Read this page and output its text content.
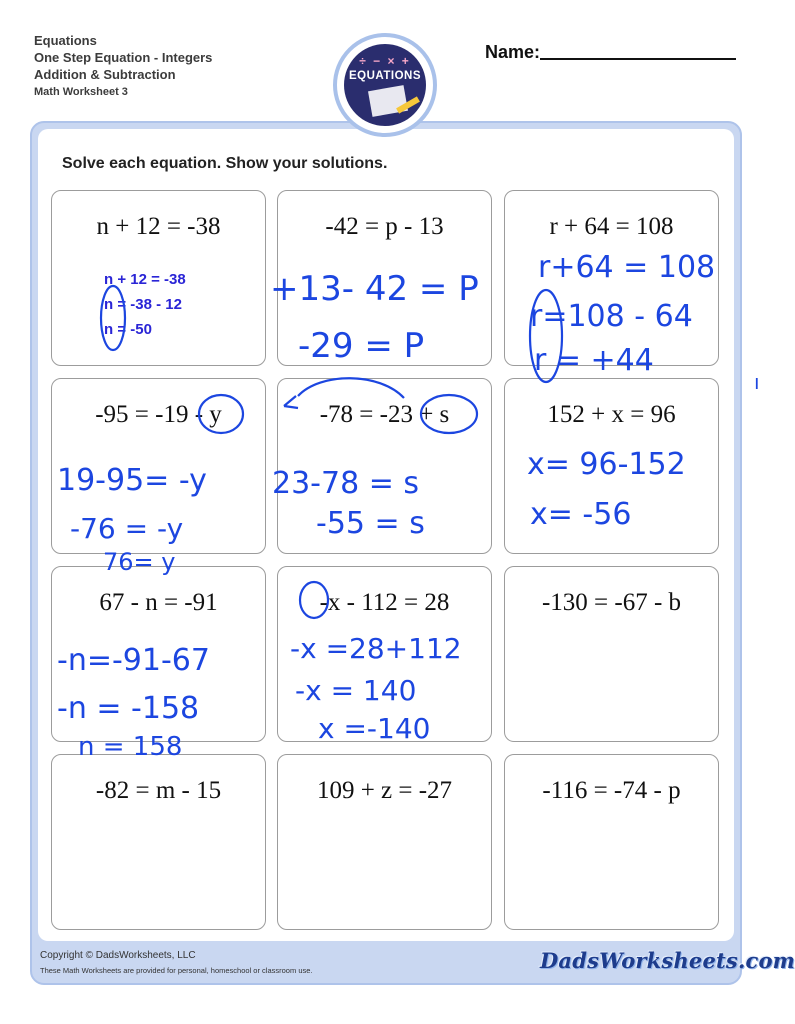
Equations
One Step Equation - Integers
Addition & Subtraction
Math Worksheet 3
Name:
÷ − × +
EQUATIONS
Solve each equation. Show your solutions.
n + 12 = -38
n + 12 = -38
n = -38 - 12
n = -50
-42 = p - 13	r + 64 = 108
-95 = -19 - y	-78 = -23 + s	152 + x = 96
67 - n = -91	-x - 112 = 28	-130 = -67 - b
-82 = m - 15	109 + z = -27	-116 = -74 - p
+13- 42 = P
-29 = P
r+64 = 108
r=108 - 64
r = +44
19-95= -y
-76 = -y
76= y
23-78 = s
-55 = s
x= 96-152
x= -56
-n=-91-67
-n = -158
n = 158
-x =28+112
-x = 140
x =-140
ı
Copyright © DadsWorksheets, LLC
These Math Worksheets are provided for personal, homeschool or classroom use.	DadsWorksheets.com
